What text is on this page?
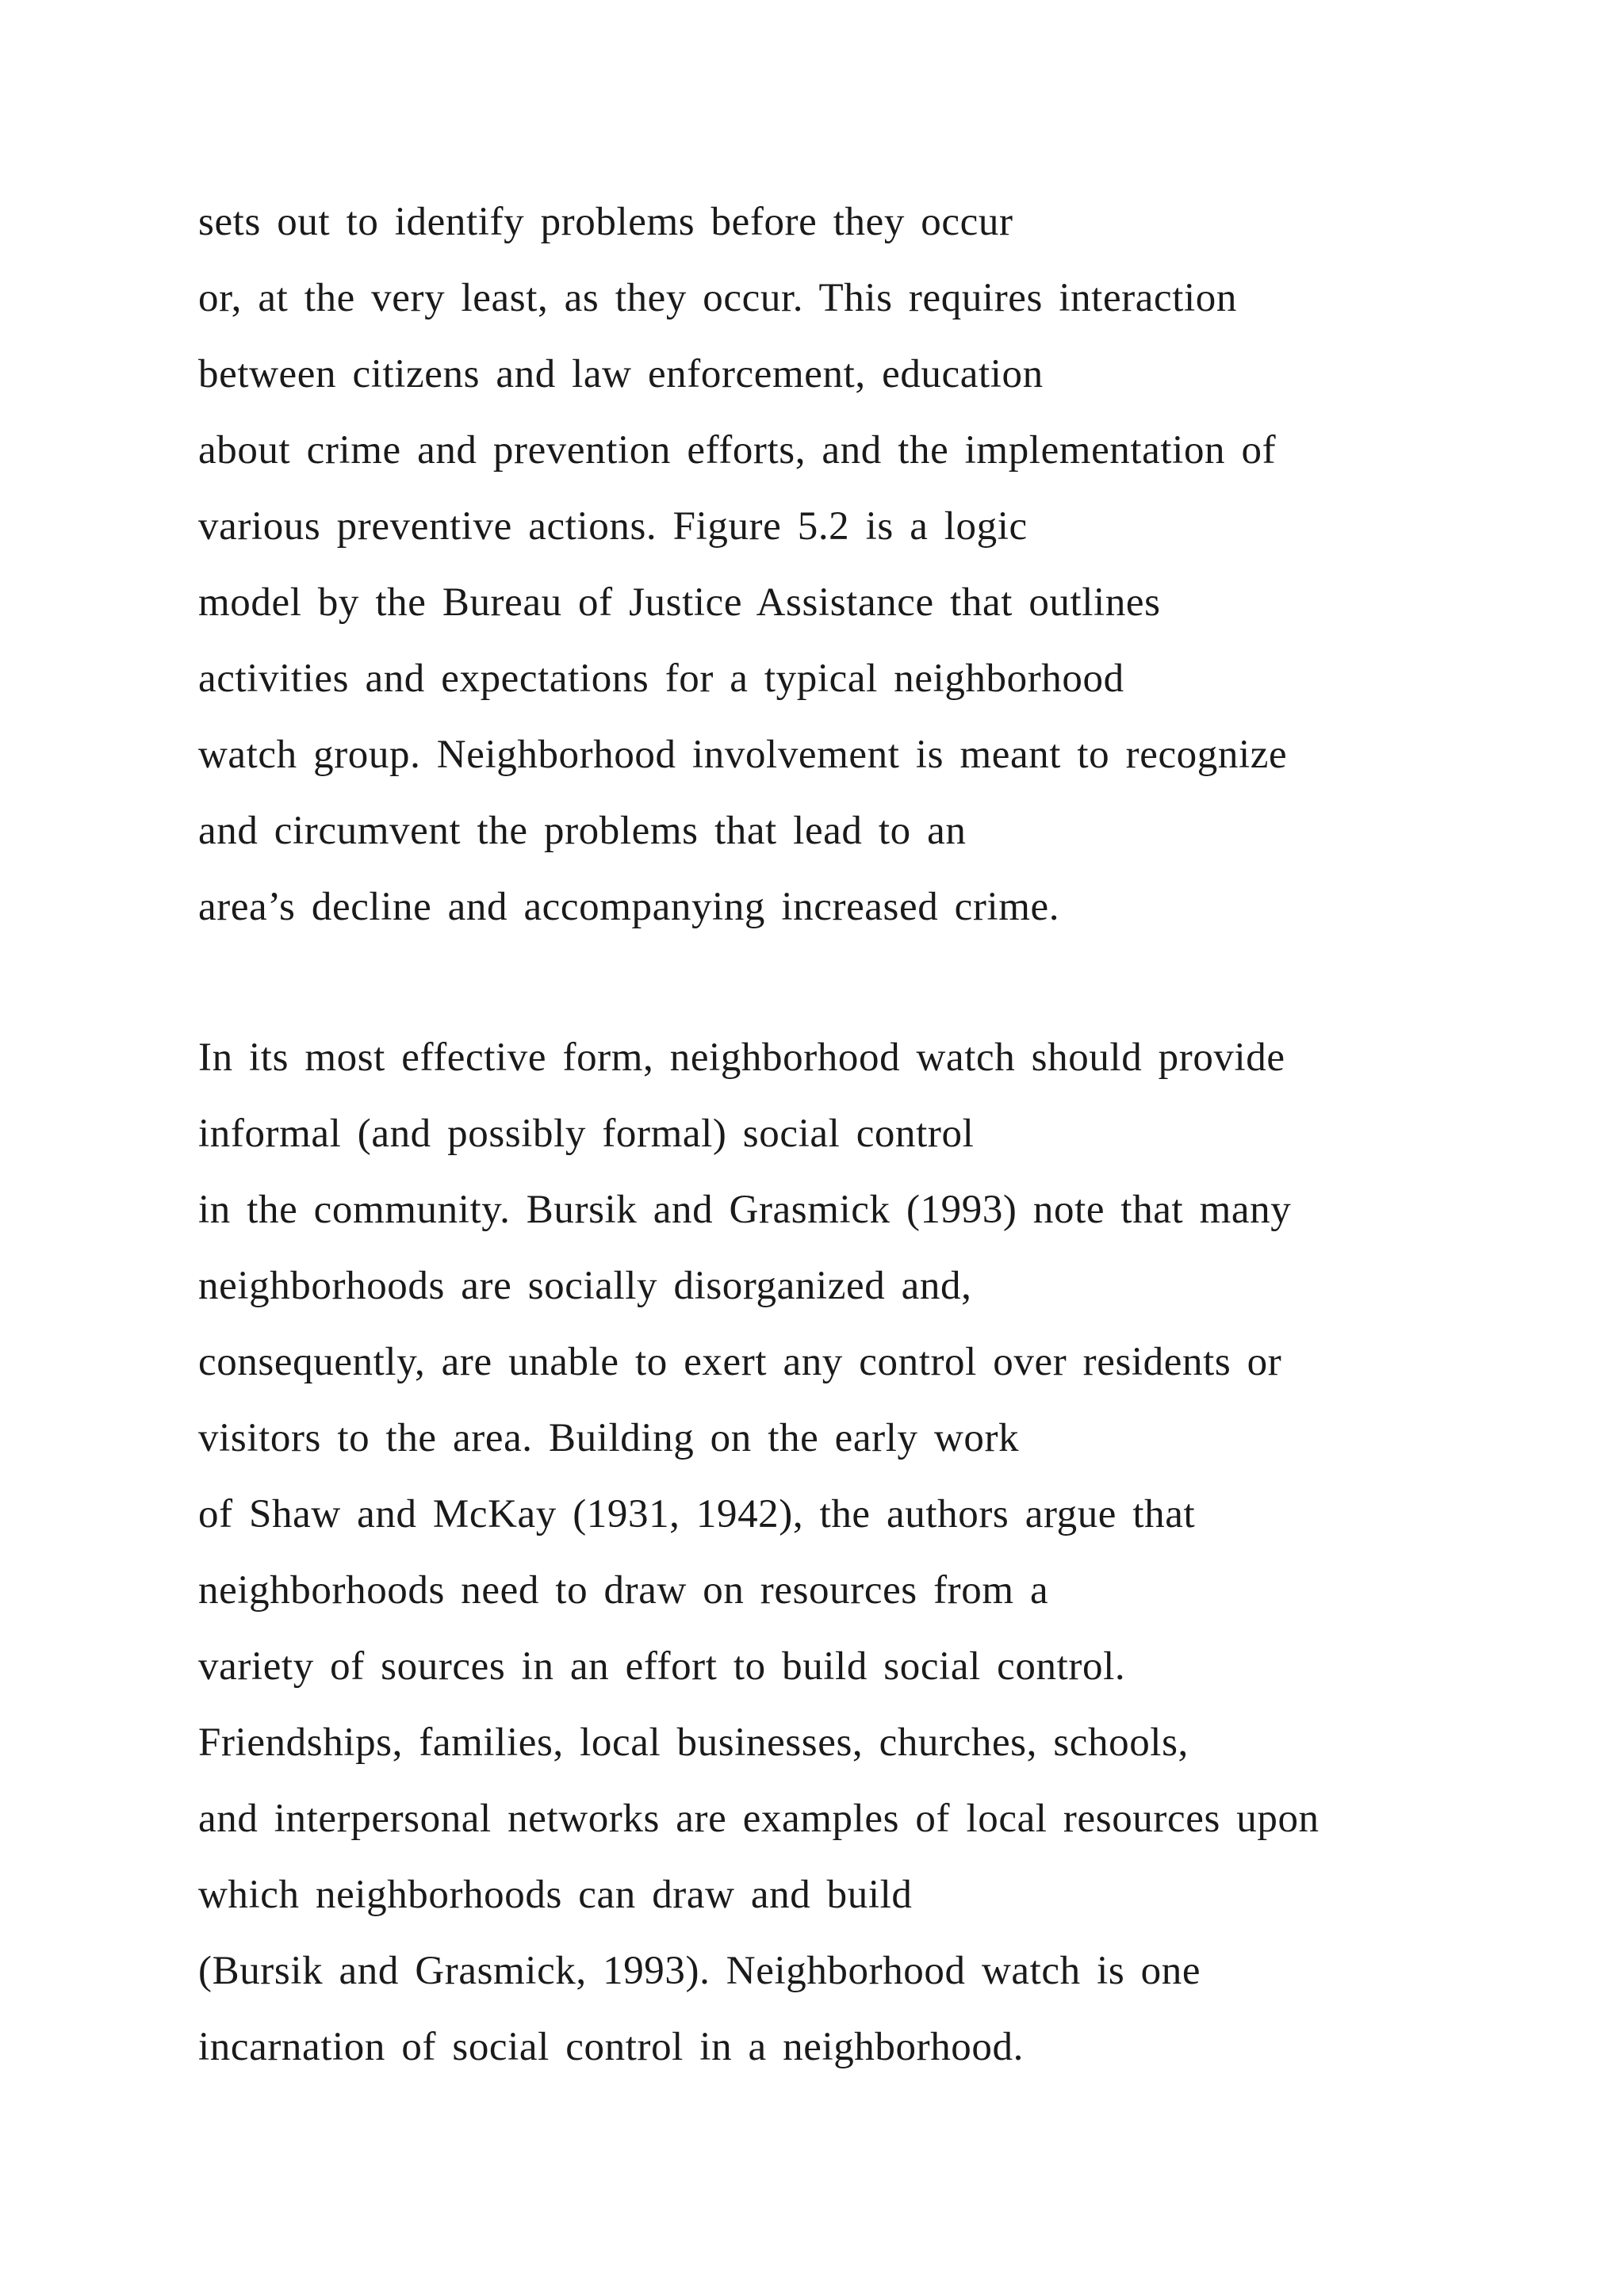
sets out to identify problems before they occur
or, at the very least, as they occur. This requires interaction
between citizens and law enforcement, education
about crime and prevention efforts, and the implementation of
various preventive actions. Figure 5.2 is a logic
model by the Bureau of Justice Assistance that outlines
activities and expectations for a typical neighborhood
watch group. Neighborhood involvement is meant to recognize
and circumvent the problems that lead to an
area’s decline and accompanying increased crime.
In its most effective form, neighborhood watch should provide
informal (and possibly formal) social control
in the community. Bursik and Grasmick (1993) note that many
neighborhoods are socially disorganized and,
consequently, are unable to exert any control over residents or
visitors to the area. Building on the early work
of Shaw and McKay (1931, 1942), the authors argue that
neighborhoods need to draw on resources from a
variety of sources in an effort to build social control.
Friendships, families, local businesses, churches, schools,
and interpersonal networks are examples of local resources upon
which neighborhoods can draw and build
(Bursik and Grasmick, 1993). Neighborhood watch is one
incarnation of social control in a neighborhood.
